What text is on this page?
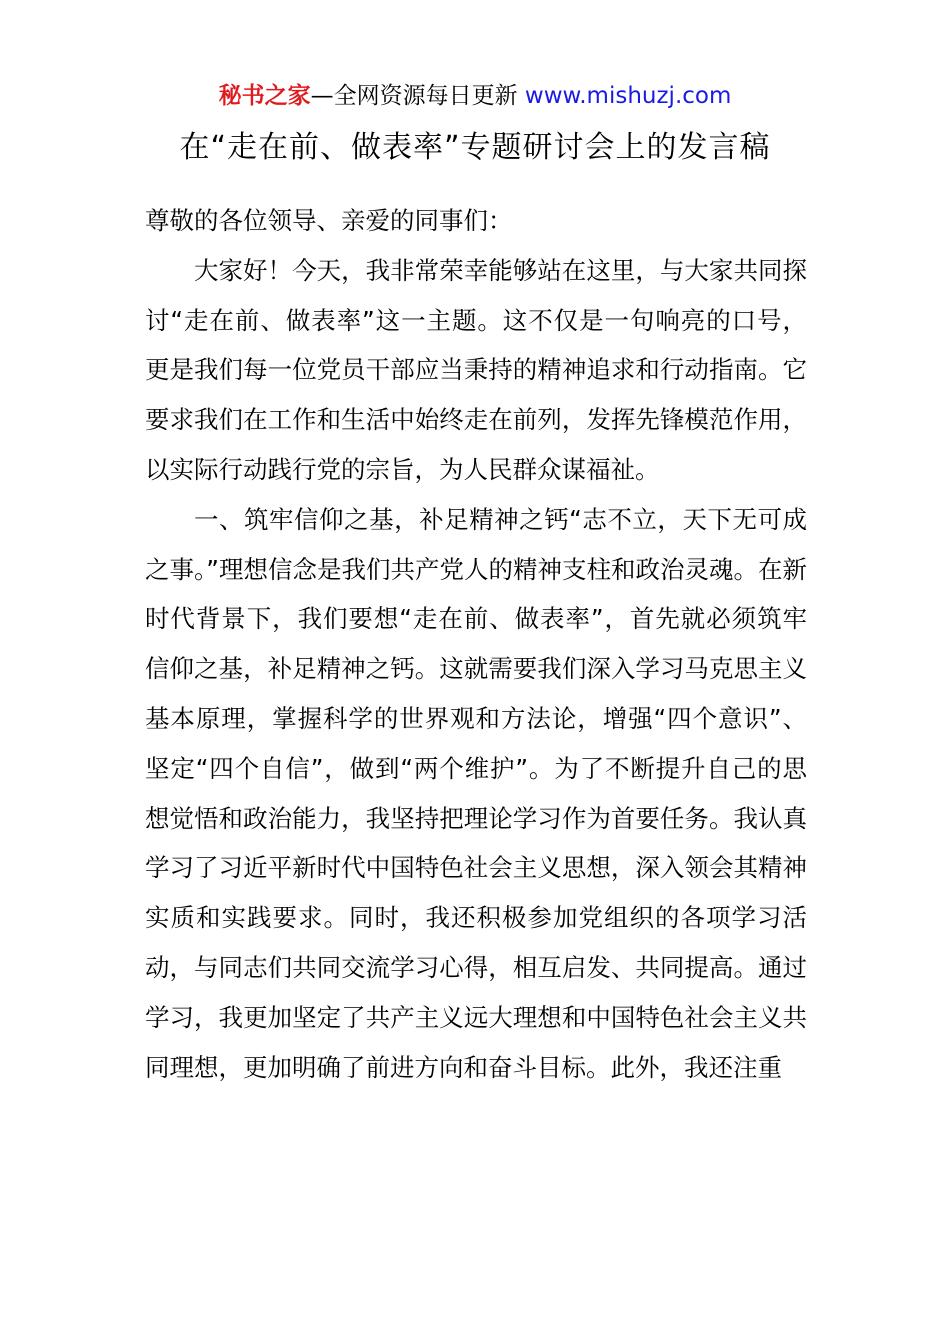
秘书之家—全网资源每日更新 www.mishuzj.com
在“走在前、做表率”专题研讨会上的发言稿

尊敬的各位领导、亲爱的同事们：

大家好！今天，我非常荣幸能够站在这里，与大家共同探讨“走在前、做表率”这一主题。这不仅是一句响亮的口号，更是我们每一位党员干部应当秉持的精神追求和行动指南。它要求我们在工作和生活中始终走在前列，发挥先锋模范作用，以实际行动践行党的宗旨，为人民群众谋福祉。

一、筑牢信仰之基，补足精神之钙“志不立，天下无可成之事。”理想信念是我们共产党人的精神支柱和政治灵魂。在新时代背景下，我们要想“走在前、做表率”，首先就必须筑牢信仰之基，补足精神之钙。这就需要我们深入学习马克思主义基本原理，掌握科学的世界观和方法论，增强“四个意识”、坚定“四个自信”，做到“两个维护”。为了不断提升自己的思想觉悟和政治能力，我坚持把理论学习作为首要任务。我认真学习了习近平新时代中国特色社会主义思想，深入领会其精神实质和实践要求。同时，我还积极参加党组织的各项学习活动，与同志们共同交流学习心得，相互启发、共同提高。通过学习，我更加坚定了共产主义远大理想和中国特色社会主义共同理想，更加明确了前进方向和奋斗目标。此外，我还注重
